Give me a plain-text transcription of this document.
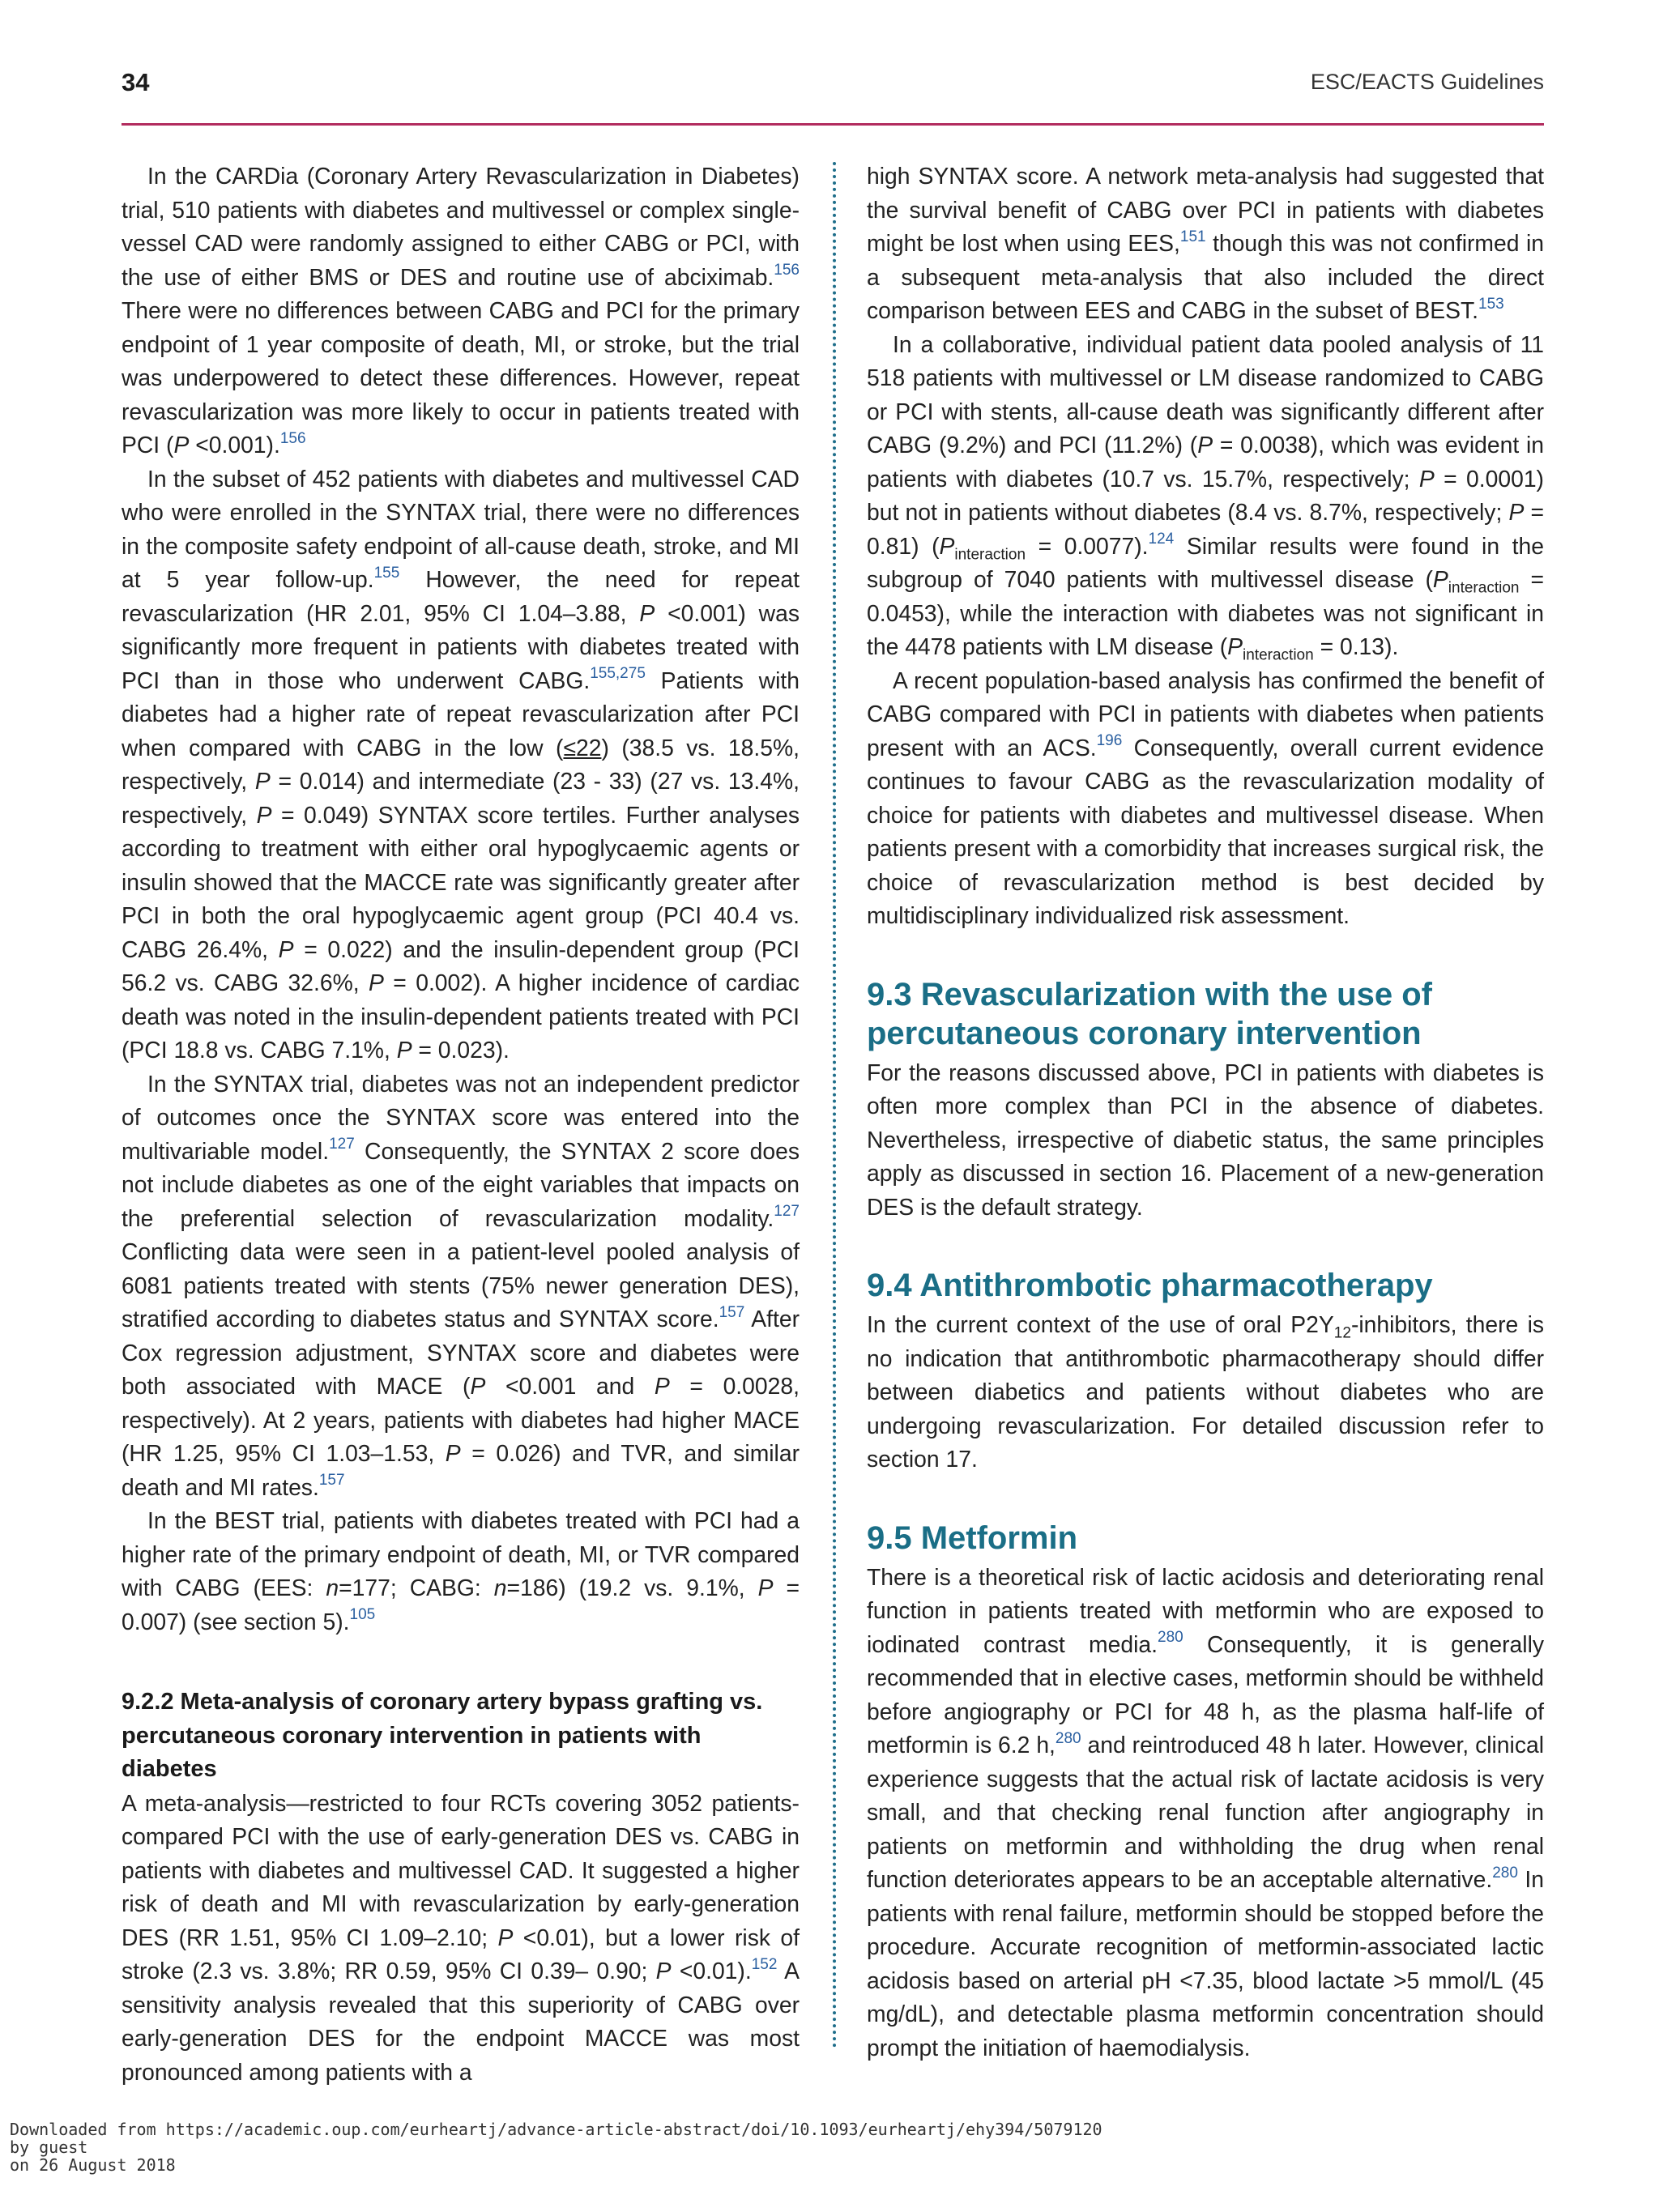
34	ESC/EACTS Guidelines

In the CARDia (Coronary Artery Revascularization in Diabetes) trial, 510 patients with diabetes and multivessel or complex single-vessel CAD were randomly assigned to either CABG or PCI, with the use of either BMS or DES and routine use of abciximab.$^{156}$ There were no differences between CABG and PCI for the primary endpoint of 1 year composite of death, MI, or stroke, but the trial was underpowered to detect these differences. However, repeat revascularization was more likely to occur in patients treated with PCI (P <0.001).$^{156}$

In the subset of 452 patients with diabetes and multivessel CAD who were enrolled in the SYNTAX trial, there were no differences in the composite safety endpoint of all-cause death, stroke, and MI at 5 year follow-up.$^{155}$ However, the need for repeat revascularization (HR 2.01, 95% CI 1.04–3.88, P <0.001) was significantly more frequent in patients with diabetes treated with PCI than in those who underwent CABG.$^{155,275}$ Patients with diabetes had a higher rate of repeat revascularization after PCI when compared with CABG in the low (≤22) (38.5 vs. 18.5%, respectively, P = 0.014) and intermediate (23 - 33) (27 vs. 13.4%, respectively, P = 0.049) SYNTAX score tertiles. Further analyses according to treatment with either oral hypoglycaemic agents or insulin showed that the MACCE rate was significantly greater after PCI in both the oral hypoglycaemic agent group (PCI 40.4 vs. CABG 26.4%, P = 0.022) and the insulin-dependent group (PCI 56.2 vs. CABG 32.6%, P = 0.002). A higher incidence of cardiac death was noted in the insulin-dependent patients treated with PCI (PCI 18.8 vs. CABG 7.1%, P = 0.023).

In the SYNTAX trial, diabetes was not an independent predictor of outcomes once the SYNTAX score was entered into the multivariable model.$^{127}$ Consequently, the SYNTAX 2 score does not include diabetes as one of the eight variables that impacts on the preferential selection of revascularization modality.$^{127}$ Conflicting data were seen in a patient-level pooled analysis of 6081 patients treated with stents (75% newer generation DES), stratified according to diabetes status and SYNTAX score.$^{157}$ After Cox regression adjustment, SYNTAX score and diabetes were both associated with MACE (P <0.001 and P = 0.0028, respectively). At 2 years, patients with diabetes had higher MACE (HR 1.25, 95% CI 1.03–1.53, P = 0.026) and TVR, and similar death and MI rates.$^{157}$

In the BEST trial, patients with diabetes treated with PCI had a higher rate of the primary endpoint of death, MI, or TVR compared with CABG (EES: n=177; CABG: n=186) (19.2 vs. 9.1%, P = 0.007) (see section 5).$^{105}$

9.2.2 Meta-analysis of coronary artery bypass grafting vs. percutaneous coronary intervention in patients with diabetes

A meta-analysis—restricted to four RCTs covering 3052 patients-compared PCI with the use of early-generation DES vs. CABG in patients with diabetes and multivessel CAD. It suggested a higher risk of death and MI with revascularization by early-generation DES (RR 1.51, 95% CI 1.09–2.10; P <0.01), but a lower risk of stroke (2.3 vs. 3.8%; RR 0.59, 95% CI 0.39– 0.90; P <0.01).$^{152}$ A sensitivity analysis revealed that this superiority of CABG over early-generation DES for the endpoint MACCE was most pronounced among patients with a

high SYNTAX score. A network meta-analysis had suggested that the survival benefit of CABG over PCI in patients with diabetes might be lost when using EES,$^{151}$ though this was not confirmed in a subsequent meta-analysis that also included the direct comparison between EES and CABG in the subset of BEST.$^{153}$

In a collaborative, individual patient data pooled analysis of 11 518 patients with multivessel or LM disease randomized to CABG or PCI with stents, all-cause death was significantly different after CABG (9.2%) and PCI (11.2%) (P = 0.0038), which was evident in patients with diabetes (10.7 vs. 15.7%, respectively; P = 0.0001) but not in patients without diabetes (8.4 vs. 8.7%, respectively; P = 0.81) $(P_{interaction} = 0.0077).^{124}$ Similar results were found in the subgroup of 7040 patients with multivessel disease $(P_{interaction} = 0.0453)$, while the interaction with diabetes was not significant in the 4478 patients with LM disease $(P_{interaction} = 0.13)$.

A recent population-based analysis has confirmed the benefit of CABG compared with PCI in patients with diabetes when patients present with an ACS.$^{196}$ Consequently, overall current evidence continues to favour CABG as the revascularization modality of choice for patients with diabetes and multivessel disease. When patients present with a comorbidity that increases surgical risk, the choice of revascularization method is best decided by multidisciplinary individualized risk assessment.

9.3 Revascularization with the use of percutaneous coronary intervention

For the reasons discussed above, PCI in patients with diabetes is often more complex than PCI in the absence of diabetes. Nevertheless, irrespective of diabetic status, the same principles apply as discussed in section 16. Placement of a new-generation DES is the default strategy.

9.4 Antithrombotic pharmacotherapy

In the current context of the use of oral $P2Y_{12}$-inhibitors, there is no indication that antithrombotic pharmacotherapy should differ between diabetics and patients without diabetes who are undergoing revascularization. For detailed discussion refer to section 17.

9.5 Metformin

There is a theoretical risk of lactic acidosis and deteriorating renal function in patients treated with metformin who are exposed to iodinated contrast media.$^{280}$ Consequently, it is generally recommended that in elective cases, metformin should be withheld before angiography or PCI for 48 h, as the plasma half-life of metformin is 6.2 h,$^{280}$ and reintroduced 48 h later. However, clinical experience suggests that the actual risk of lactate acidosis is very small, and that checking renal function after angiography in patients on metformin and withholding the drug when renal function deteriorates appears to be an acceptable alternative.$^{280}$ In patients with renal failure, metformin should be stopped before the procedure. Accurate recognition of metformin-associated lactic acidosis based on arterial pH <7.35, blood lactate >5 mmol/L (45 mg/dL), and detectable plasma metformin concentration should prompt the initiation of haemodialysis.

Downloaded from https://academic.oup.com/eurheartj/advance-article-abstract/doi/10.1093/eurheartj/ehy394/5079120
by guest
on 26 August 2018
